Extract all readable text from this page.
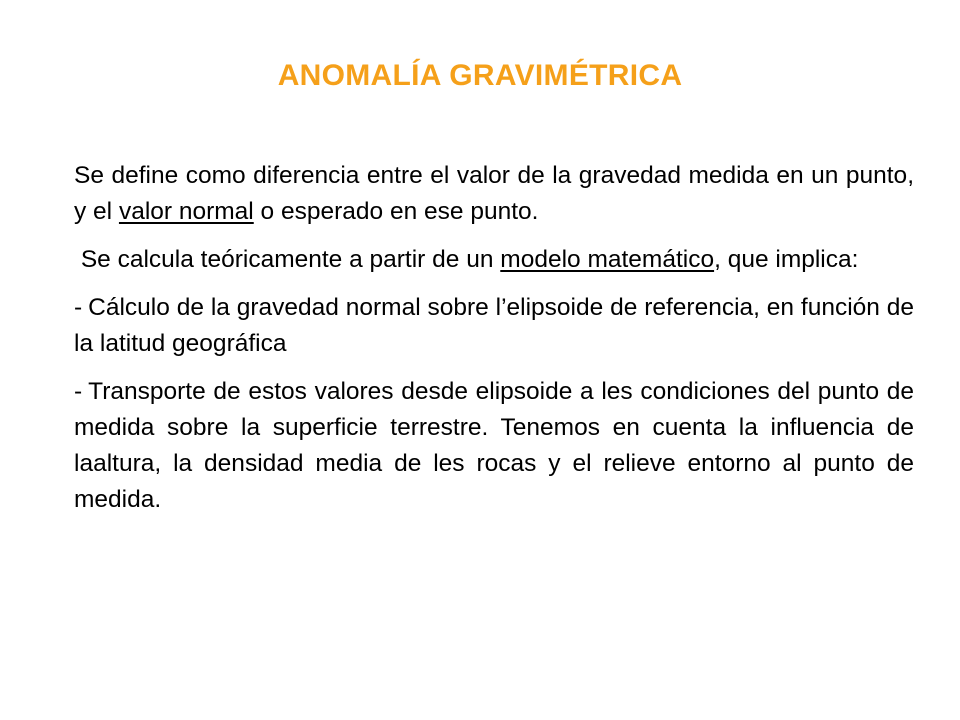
ANOMALÍA GRAVIMÉTRICA

Se define como diferencia entre el valor de la gravedad medida en un punto, y el valor normal o esperado en ese punto.

Se calcula teóricamente a partir de un modelo matemático, que implica:

- Cálculo de la gravedad normal sobre l’elipsoide de referencia, en función de la latitud geográfica

- Transporte de estos valores desde elipsoide a les condiciones del punto de medida sobre la superficie terrestre. Tenemos en cuenta la influencia de laaltura, la densidad media de les rocas y el relieve entorno al punto de medida.
